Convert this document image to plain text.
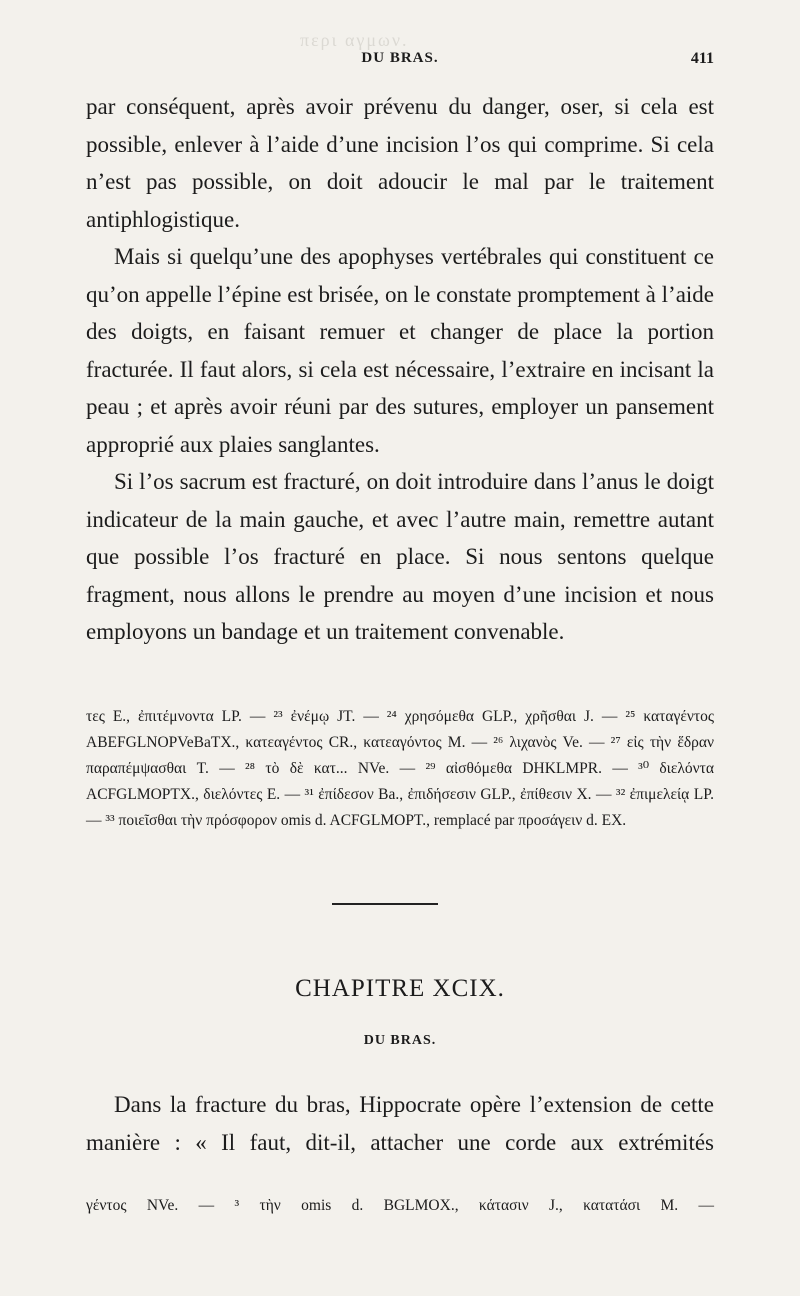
περι αγμων.
DU BRAS.	411

par conséquent, après avoir prévenu du danger, oser, si cela est possible, enlever à l’aide d’une incision l’os qui comprime. Si cela n’est pas possible, on doit adoucir le mal par le traitement antiphlogistique.

Mais si quelqu’une des apophyses vertébrales qui constituent ce qu’on appelle l’épine est brisée, on le constate promptement à l’aide des doigts, en faisant remuer et changer de place la portion fracturée. Il faut alors, si cela est nécessaire, l’extraire en incisant la peau ; et après avoir réuni par des sutures, employer un pansement approprié aux plaies sanglantes.

Si l’os sacrum est fracturé, on doit introduire dans l’anus le doigt indicateur de la main gauche, et avec l’autre main, remettre autant que possible l’os fracturé en place. Si nous sentons quelque fragment, nous allons le prendre au moyen d’une incision et nous employons un bandage et un traitement convenable.

τες E., ἐπιτέμνοντα LP. — ²³ ἐνέμῳ JT. — ²⁴ χρησόμεθα GLP., χρῆσθαι J. — ²⁵ καταγέντος ABEFGLNOPVeBaTX., κατεαγέντος CR., κατεαγόντος M. — ²⁶ λιχανὸς Ve. — ²⁷ εἰς τὴν ἕδραν παραπέμψασθαι T. — ²⁸ τὸ δὲ κατ... NVe. — ²⁹ αἰσθόμεθα DHKLMPR. — ³⁰ διελόντα ACFGLMOPTX., διελόντες E. — ³¹ ἐπίδεσον Ba., ἐπιδήσεσιν GLP., ἐπίθεσιν X. — ³² ἐπιμελείᾳ LP. — ³³ ποιεῖσθαι τὴν πρόσφορον omis d. ACFGLMOPT., remplacé par προσάγειν d. EX.

CHAPITRE XCIX.
DU BRAS.

Dans la fracture du bras, Hippocrate opère l’extension de cette manière : « Il faut, dit-il, attacher une corde aux extrémités

γέντος NVe. — ³ τὴν omis d. BGLMOX., κάτασιν J., κατατάσι M. —
